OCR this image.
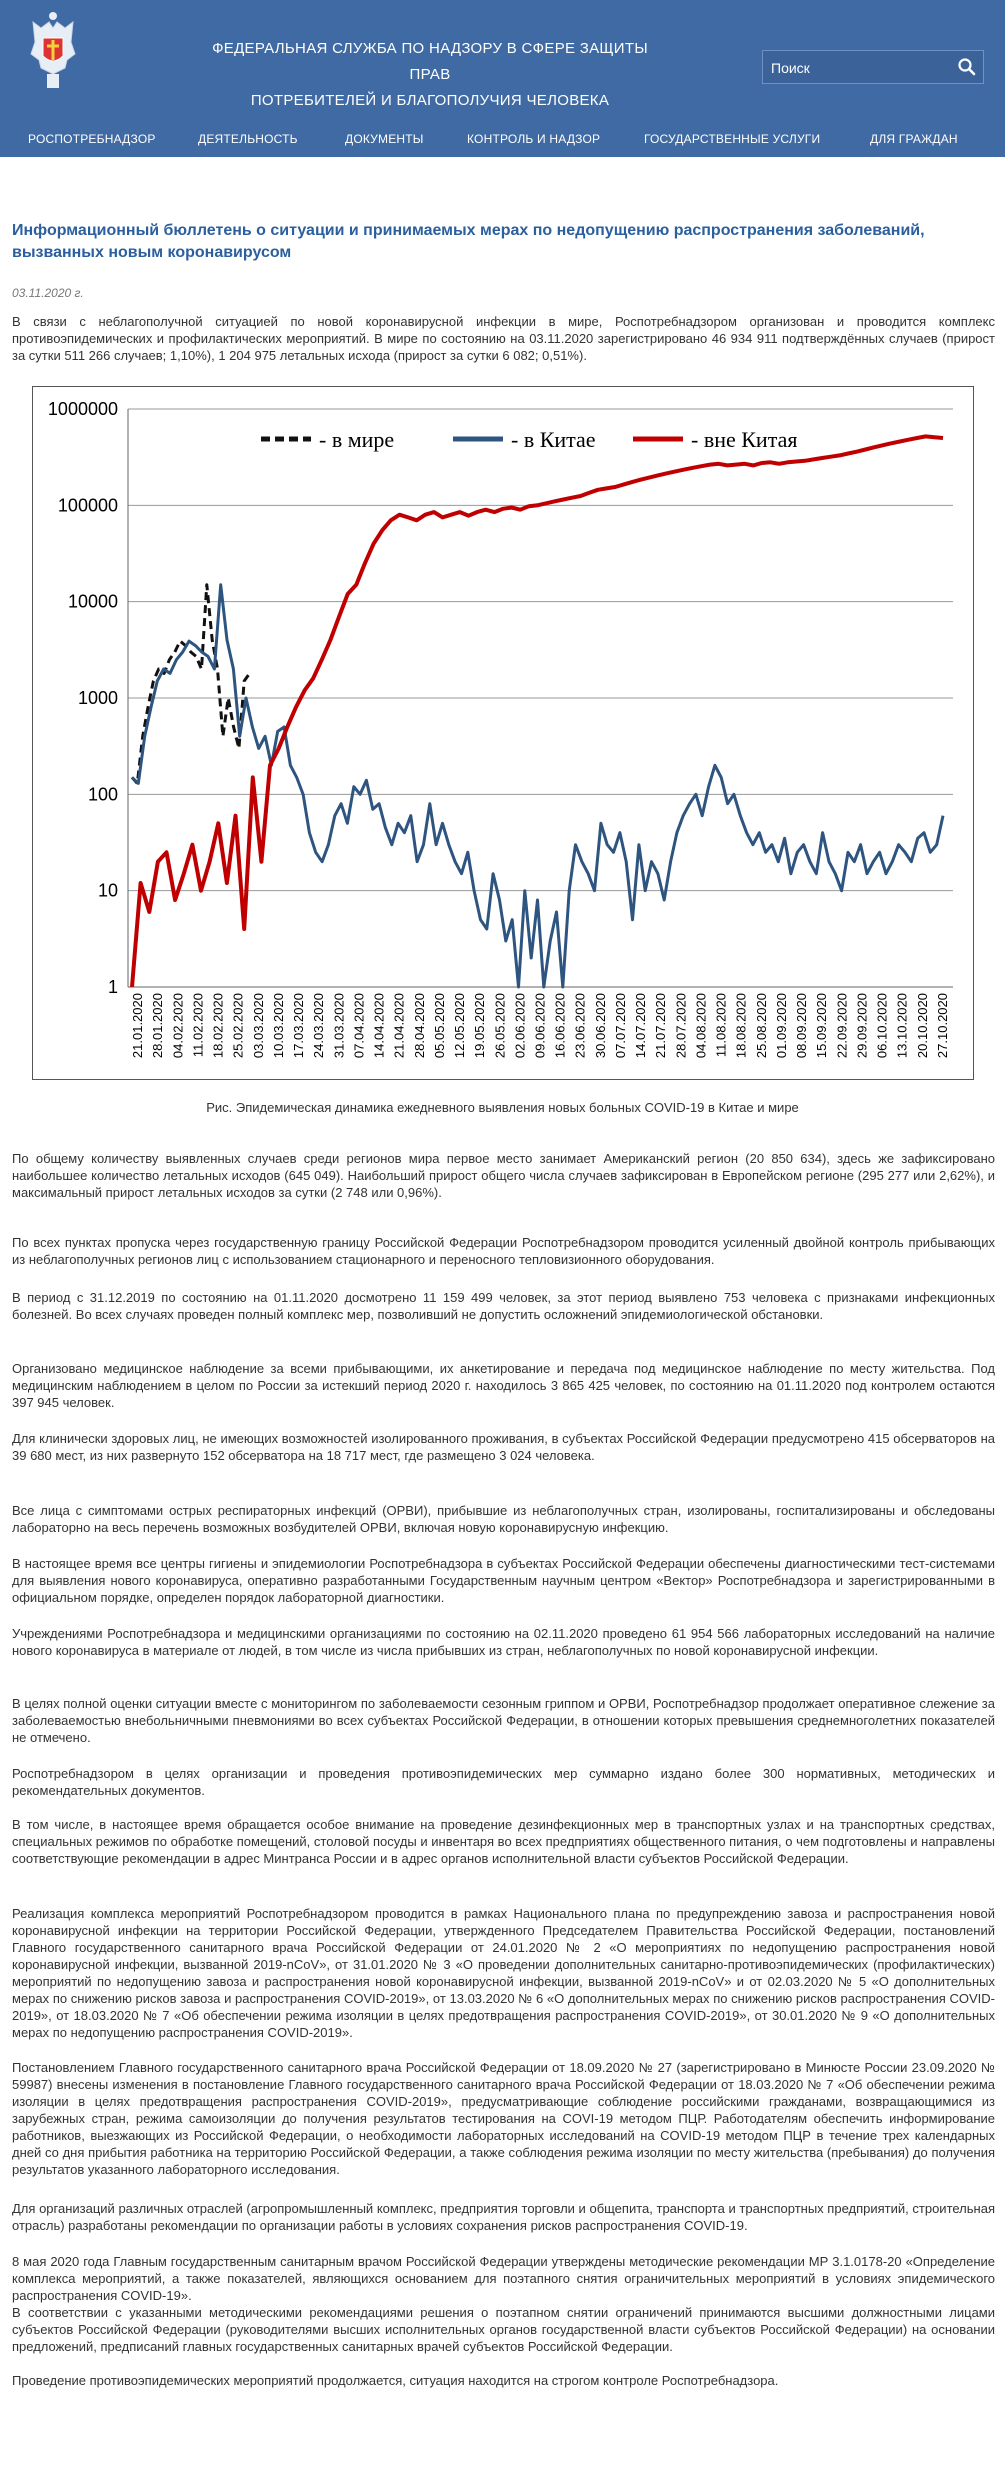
ФЕДЕРАЛЬНАЯ СЛУЖБА ПО НАДЗОРУ В СФЕРЕ ЗАЩИТЫ ПРАВ
ПОТРЕБИТЕЛЕЙ И БЛАГОПОЛУЧИЯ ЧЕЛОВЕКА
Поиск
РОСПОТРЕБНАДЗОР	ДЕЯТЕЛЬНОСТЬ	ДОКУМЕНТЫ	КОНТРОЛЬ И НАДЗОР	ГОСУДАРСТВЕННЫЕ УСЛУГИ	ДЛЯ ГРАЖДАН
Информационный бюллетень о ситуации и принимаемых мерах по недопущению распространения заболеваний, вызванных новым коронавирусом
03.11.2020 г.
В связи с неблагополучной ситуацией по новой коронавирусной инфекции в мире, Роспотребнадзором организован и проводится комплекс противоэпидемических и профилактических мероприятий. В мире по состоянию на 03.11.2020 зарегистрировано 46 934 911 подтверждённых случаев (прирост за сутки 511 266 случаев; 1,10%), 1 204 975 летальных исхода (прирост за сутки 6 082; 0,51%).
1
10
100
1000
10000
100000
1000000
21.01.2020 28.01.2020 04.02.2020 11.02.2020 18.02.2020 25.02.2020 03.03.2020 10.03.2020 17.03.2020 24.03.2020 31.03.2020 07.04.2020 14.04.2020 21.04.2020 28.04.2020 05.05.2020 12.05.2020 19.05.2020 26.05.2020 02.06.2020 09.06.2020 16.06.2020 23.06.2020 30.06.2020 07.07.2020 14.07.2020 21.07.2020 28.07.2020 04.08.2020 11.08.2020 18.08.2020 25.08.2020 01.09.2020 08.09.2020 15.09.2020 22.09.2020 29.09.2020 06.10.2020 13.10.2020 20.10.2020 27.10.2020
- в мире	- в Китае	- вне Китая
Рис. Эпидемическая динамика ежедневного выявления новых больных COVID-19 в Китае и мире
По общему количеству выявленных случаев среди регионов мира первое место занимает Американский регион (20 850 634), здесь же зафиксировано наибольшее количество летальных исходов (645 049). Наибольший прирост общего числа случаев зафиксирован в Европейском регионе (295 277 или 2,62%), и максимальный прирост летальных исходов за сутки (2 748 или 0,96%).
По всех пунктах пропуска через государственную границу Российской Федерации Роспотребнадзором проводится усиленный двойной контроль прибывающих из неблагополучных регионов лиц с использованием стационарного и переносного тепловизионного оборудования.
В период с 31.12.2019 по состоянию на 01.11.2020 досмотрено 11 159 499 человек, за этот период выявлено 753 человека с признаками инфекционных болезней. Во всех случаях проведен полный комплекс мер, позволивший не допустить осложнений эпидемиологической обстановки.
Организовано медицинское наблюдение за всеми прибывающими, их анкетирование и передача под медицинское наблюдение по месту жительства. Под медицинским наблюдением в целом по России за истекший период 2020 г. находилось 3 865 425 человек, по состоянию на 01.11.2020 под контролем остаются 397 945 человек.
Для клинически здоровых лиц, не имеющих возможностей изолированного проживания, в субъектах Российской Федерации предусмотрено 415 обсерваторов на 39 680 мест, из них развернуто 152 обсерватора на 18 717 мест, где размещено 3 024 человека.
Все лица с симптомами острых респираторных инфекций (ОРВИ), прибывшие из неблагополучных стран, изолированы, госпитализированы и обследованы лабораторно на весь перечень возможных возбудителей ОРВИ, включая новую коронавирусную инфекцию.
В настоящее время все центры гигиены и эпидемиологии Роспотребнадзора в субъектах Российской Федерации обеспечены диагностическими тест-системами для выявления нового коронавируса, оперативно разработанными Государственным научным центром «Вектор» Роспотребнадзора и зарегистрированными в официальном порядке, определен порядок лабораторной диагностики.
Учреждениями Роспотребнадзора и медицинскими организациями по состоянию на 02.11.2020 проведено 61 954 566 лабораторных исследований на наличие нового коронавируса в материале от людей, в том числе из числа прибывших из стран, неблагополучных по новой коронавирусной инфекции.
В целях полной оценки ситуации вместе с мониторингом по заболеваемости сезонным гриппом и ОРВИ, Роспотребнадзор продолжает оперативное слежение за заболеваемостью внебольничными пневмониями во всех субъектах Российской Федерации, в отношении которых превышения среднемноголетних показателей не отмечено.
Роспотребнадзором в целях организации и проведения противоэпидемических мер суммарно издано более 300 нормативных, методических и рекомендательных документов.
В том числе, в настоящее время обращается особое внимание на проведение дезинфекционных мер в транспортных узлах и на транспортных средствах, специальных режимов по обработке помещений, столовой посуды и инвентаря во всех предприятиях общественного питания, о чем подготовлены и направлены соответствующие рекомендации в адрес Минтранса России и в адрес органов исполнительной власти субъектов Российской Федерации.
Реализация комплекса мероприятий Роспотребнадзором проводится в рамках Национального плана по предупреждению завоза и распространения новой коронавирусной инфекции на территории Российской Федерации, утвержденного Председателем Правительства Российской Федерации, постановлений Главного государственного санитарного врача Российской Федерации от 24.01.2020 № 2 «О мероприятиях по недопущению распространения новой коронавирусной инфекции, вызванной 2019-nCoV», от 31.01.2020 № 3 «О проведении дополнительных санитарно-противоэпидемических (профилактических) мероприятий по недопущению завоза и распространения новой коронавирусной инфекции, вызванной 2019-nCoV» и от 02.03.2020 № 5 «О дополнительных мерах по снижению рисков завоза и распространения COVID-2019», от 13.03.2020 № 6 «О дополнительных мерах по снижению рисков распространения COVID-2019», от 18.03.2020 № 7 «Об обеспечении режима изоляции в целях предотвращения распространения COVID-2019», от 30.01.2020 № 9 «О дополнительных мерах по недопущению распространения COVID-2019».
Постановлением Главного государственного санитарного врача Российской Федерации от 18.09.2020 № 27 (зарегистрировано в Минюсте России 23.09.2020 № 59987) внесены изменения в постановление Главного государственного санитарного врача Российской Федерации от 18.03.2020 № 7 «Об обеспечении режима изоляции в целях предотвращения распространения COVID-2019», предусматривающие соблюдение российскими гражданами, возвращающимися из зарубежных стран, режима самоизоляции до получения результатов тестирования на COVI-19 методом ПЦР. Работодателям обеспечить информирование работников, выезжающих из Российской Федерации, о необходимости лабораторных исследований на COVID-19 методом ПЦР в течение трех календарных дней со дня прибытия работника на территорию Российской Федерации, а также соблюдения режима изоляции по месту жительства (пребывания) до получения результатов указанного лабораторного исследования.
Для организаций различных отраслей (агропромышленный комплекс, предприятия торговли и общепита, транспорта и транспортных предприятий, строительная отрасль) разработаны рекомендации по организации работы в условиях сохранения рисков распространения COVID-19.
8 мая 2020 года Главным государственным санитарным врачом Российской Федерации утверждены методические рекомендации МР 3.1.0178-20 «Определение комплекса мероприятий, а также показателей, являющихся основанием для поэтапного снятия ограничительных мероприятий в условиях эпидемического распространения COVID-19».
В соответствии с указанными методическими рекомендациями решения о поэтапном снятии ограничений принимаются высшими должностными лицами субъектов Российской Федерации (руководителями высших исполнительных органов государственной власти субъектов Российской Федерации) на основании предложений, предписаний главных государственных санитарных врачей субъектов Российской Федерации.
Проведение противоэпидемических мероприятий продолжается, ситуация находится на строгом контроле Роспотребнадзора.
